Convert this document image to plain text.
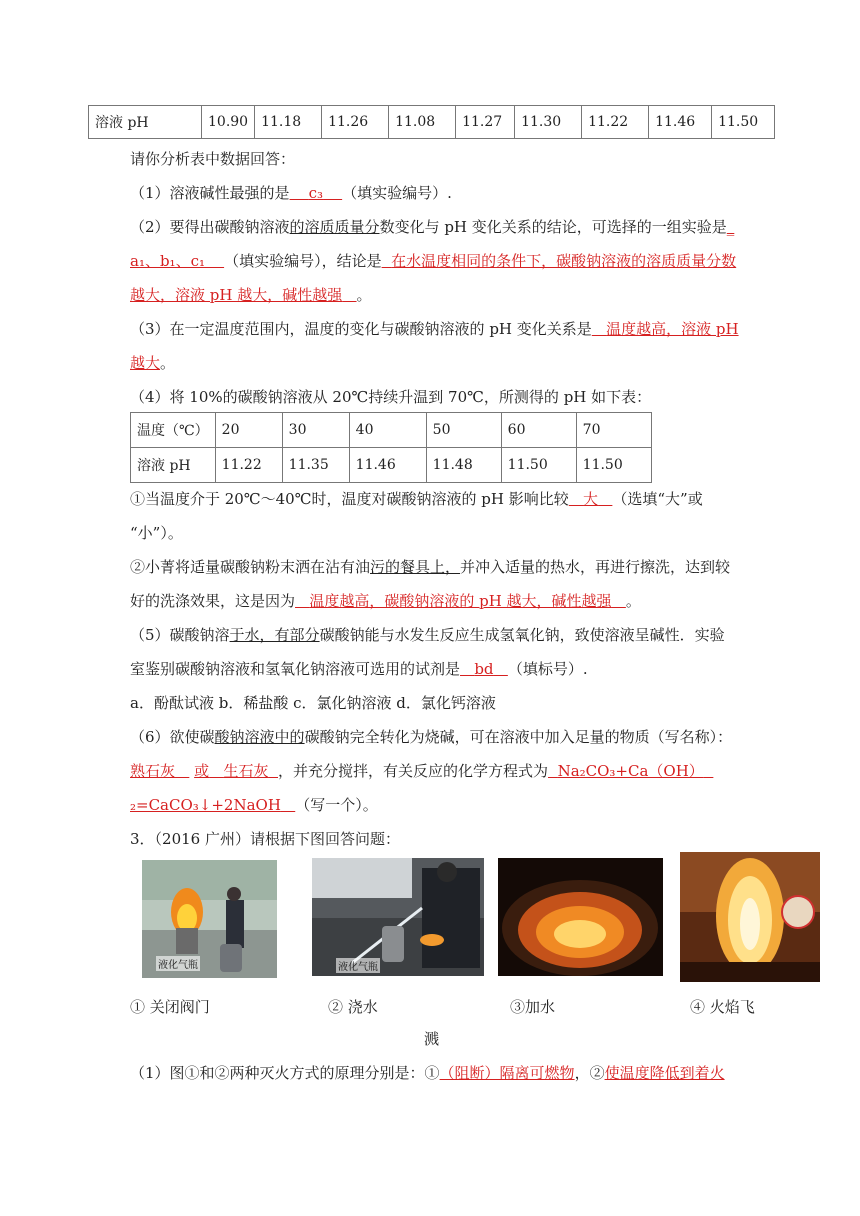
溶液 pH	10.90	11.18	11.26	11.08	11.27	11.30	11.22	11.46	11.50
请你分析表中数据回答：
（1）溶液碱性最强的是 c₃ （填实验编号）.
（2）要得出碳酸钠溶液的溶质质量分数变化与 pH 变化关系的结论，可选择的一组实验是_
a₁、b₁、c₁ （填实验编号），结论是 在水温度相同的条件下，碳酸钠溶液的溶质质量分数
越大，溶液 pH 越大，碱性越强 。
（3）在一定温度范围内，温度的变化与碳酸钠溶液的 pH 变化关系是 温度越高，溶液 pH
越大。
（4）将 10%的碳酸钠溶液从 20℃持续升温到 70℃，所测得的 pH 如下表：
温度（℃）	20	30	40	50	60	70
溶液 pH	11.22	11.35	11.46	11.48	11.50	11.50
①当温度介于 20℃～40℃时，温度对碳酸钠溶液的 pH 影响比较 大 （选填“大”或
“小”）。
②小菁将适量碳酸钠粉末洒在沾有油污的餐具上，并冲入适量的热水，再进行擦洗，达到较
好的洗涤效果，这是因为 温度越高，碳酸钠溶液的 pH 越大，碱性越强 。
（5）碳酸钠溶于水，有部分碳酸钠能与水发生反应生成氢氧化钠，致使溶液呈碱性．实验
室鉴别碳酸钠溶液和氢氧化钠溶液可选用的试剂是 bd （填标号）.
a．酚酞试液 b．稀盐酸 c．氯化钠溶液 d．氯化钙溶液
（6）欲使碳酸钠溶液中的碳酸钠完全转化为烧碱，可在溶液中加入足量的物质（写名称）：
熟石灰 或 生石灰 ，并充分搅拌，有关反应的化学方程式为 Na₂CO₃+Ca（OH）
₂=CaCO₃↓+2NaOH （写一个）。
3．（2016 广州）请根据下图回答问题：
液化气瓶	液化气瓶
① 关闭阀门	② 浇水	③加水	④ 火焰飞
溅
（1）图①和②两种灭火方式的原理分别是：①（阻断）隔离可燃物，②使温度降低到着火
